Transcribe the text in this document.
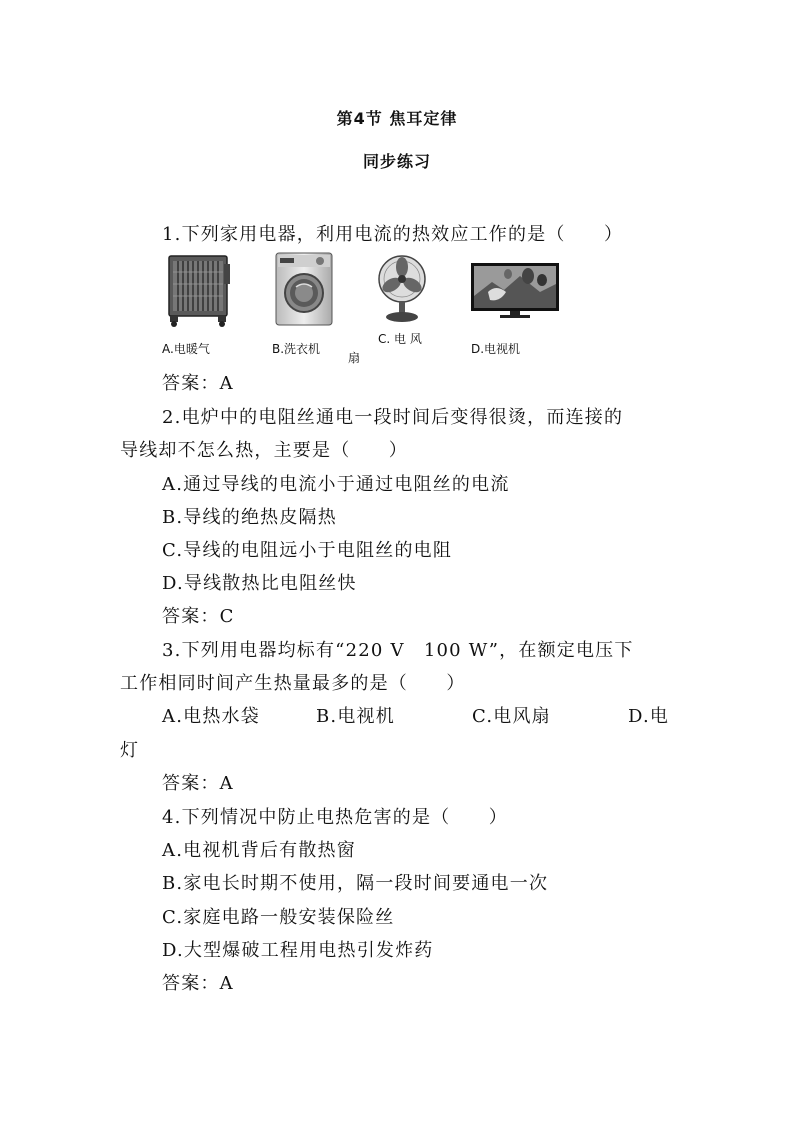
第4节 焦耳定律
同步练习
1.下列家用电器，利用电流的热效应工作的是（　　）
A.电暖气	B.洗衣机
C. 电 风
扇
D.电视机
答案：A
2.电炉中的电阻丝通电一段时间后变得很烫，而连接的
导线却不怎么热，主要是（　　）
A.通过导线的电流小于通过电阻丝的电流
B.导线的绝热皮隔热
C.导线的电阻远小于电阻丝的电阻
D.导线散热比电阻丝快
答案：C
3.下列用电器均标有“220 V　100 W”，在额定电压下
工作相同时间产生热量最多的是（　　）
A.电热水袋	B.电视机	C.电风扇	D.电
灯
答案：A
4.下列情况中防止电热危害的是（　　）
A.电视机背后有散热窗
B.家电长时期不使用，隔一段时间要通电一次
C.家庭电路一般安装保险丝
D.大型爆破工程用电热引发炸药
答案：A
